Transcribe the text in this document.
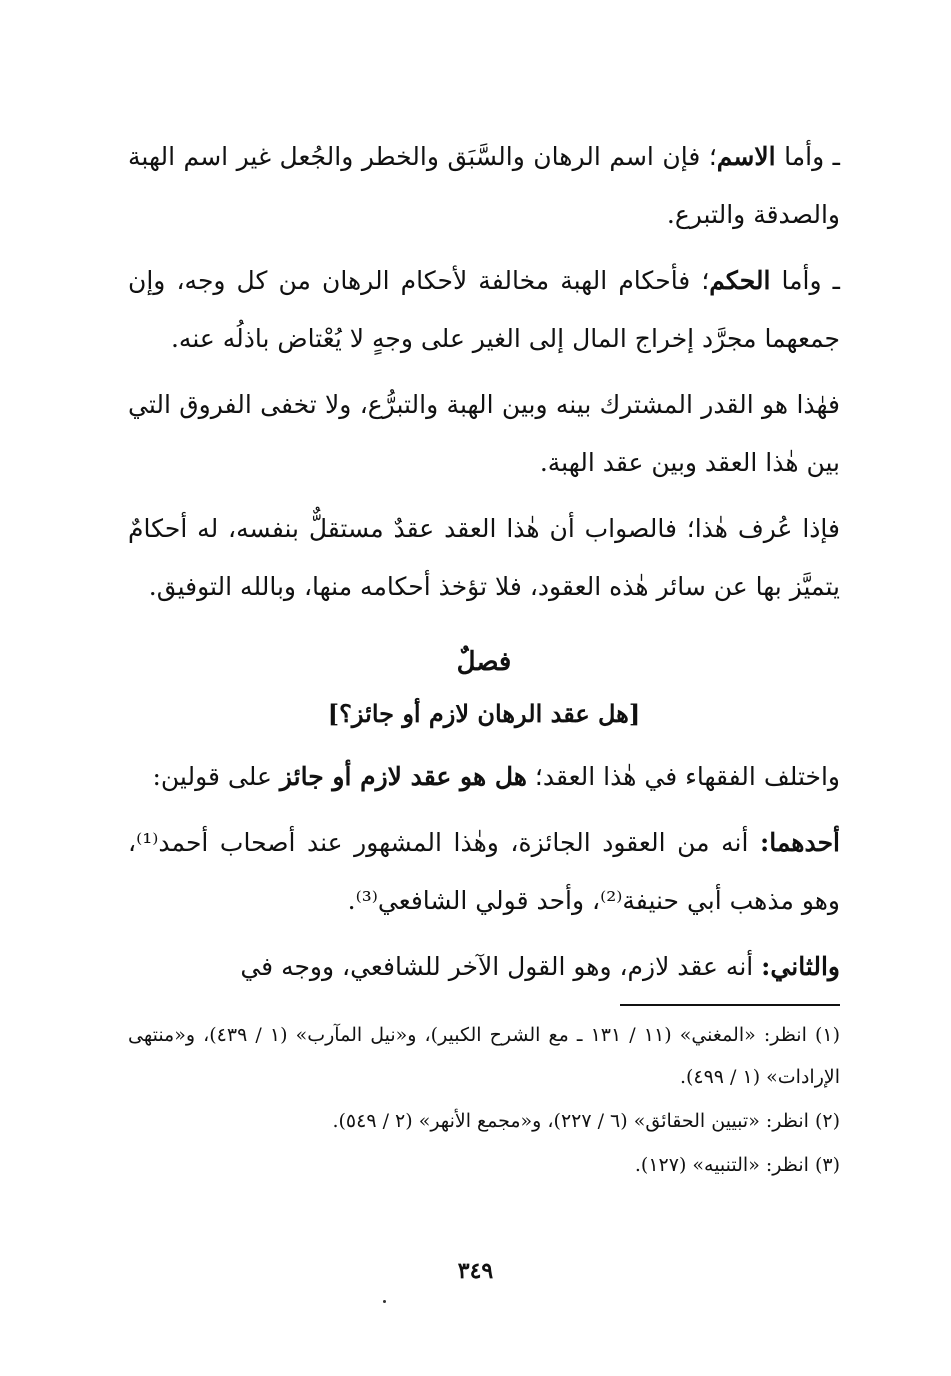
ـ وأما الاسم؛ فإن اسم الرهان والسَّبَق والخطر والجُعل غير اسم الهبة والصدقة والتبرع.

ـ وأما الحكم؛ فأحكام الهبة مخالفة لأحكام الرهان من كل وجه، وإن جمعهما مجرَّد إخراج المال إلى الغير على وجهٍ لا يُعْتاض باذلُه عنه.

فهٰذا هو القدر المشترك بينه وبين الهبة والتبرُّع، ولا تخفى الفروق التي بين هٰذا العقد وبين عقد الهبة.

فإذا عُرف هٰذا؛ فالصواب أن هٰذا العقد عقدٌ مستقلٌّ بنفسه، له أحكامٌ يتميَّز بها عن سائر هٰذه العقود، فلا تؤخذ أحكامه منها، وبالله التوفيق.

فصلٌ
[هل عقد الرهان لازم أو جائز؟]

واختلف الفقهاء في هٰذا العقد؛ هل هو عقد لازم أو جائز على قولين:

أحدهما: أنه من العقود الجائزة، وهٰذا المشهور عند أصحاب أحمد⁽¹⁾، وهو مذهب أبي حنيفة⁽²⁾، وأحد قولي الشافعي⁽³⁾.

والثاني: أنه عقد لازم، وهو القول الآخر للشافعي، ووجه في

(١) انظر: «المغني» (١١ / ١٣١ ـ مع الشرح الكبير)، و«نيل المآرب» (١ / ٤٣٩)، و«منتهى الإرادات» (١ / ٤٩٩).

(٢) انظر: «تبيين الحقائق» (٦ / ٢٢٧)، و«مجمع الأنهر» (٢ / ٥٤٩).

(٣) انظر: «التنبيه» (١٢٧).

٣٤٩
